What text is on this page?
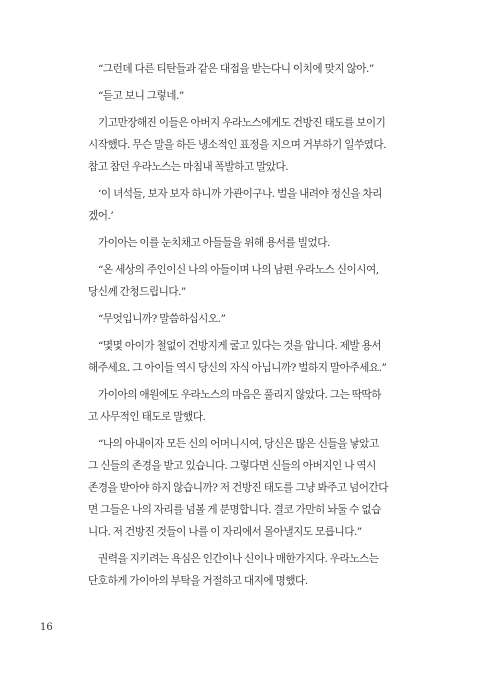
“그런데 다른 티탄들과 같은 대접을 받는다니 이치에 맞지 않아.”

“듣고 보니 그렇네.”

기고만장해진 이들은 아버지 우라노스에게도 건방진 태도를 보이기
시작했다. 무슨 말을 하든 냉소적인 표정을 지으며 거부하기 일쑤였다.
참고 참던 우라노스는 마침내 폭발하고 말았다.

‘이 녀석들, 보자 보자 하니까 가관이구나. 벌을 내려야 정신을 차리
겠어.’

가이아는 이를 눈치채고 아들들을 위해 용서를 빌었다.

“온 세상의 주인이신 나의 아들이며 나의 남편 우라노스 신이시여,
당신께 간청드립니다.”

“무엇입니까? 말씀하십시오.”

“몇몇 아이가 철없이 건방지게 굴고 있다는 것을 압니다. 제발 용서
해주세요. 그 아이들 역시 당신의 자식 아닙니까? 벌하지 말아주세요.”

가이아의 애원에도 우라노스의 마음은 풀리지 않았다. 그는 딱딱하
고 사무적인 태도로 말했다.

“나의 아내이자 모든 신의 어머니시여, 당신은 많은 신들을 낳았고
그 신들의 존경을 받고 있습니다. 그렇다면 신들의 아버지인 나 역시
존경을 받아야 하지 않습니까? 저 건방진 태도를 그냥 봐주고 넘어간다
면 그들은 나의 자리를 넘볼 게 분명합니다. 결코 가만히 놔둘 수 없습
니다. 저 건방진 것들이 나를 이 자리에서 몰아낼지도 모릅니다.”

권력을 지키려는 욕심은 인간이나 신이나 매한가지다. 우라노스는
단호하게 가이아의 부탁을 거절하고 대지에 명했다.

16
